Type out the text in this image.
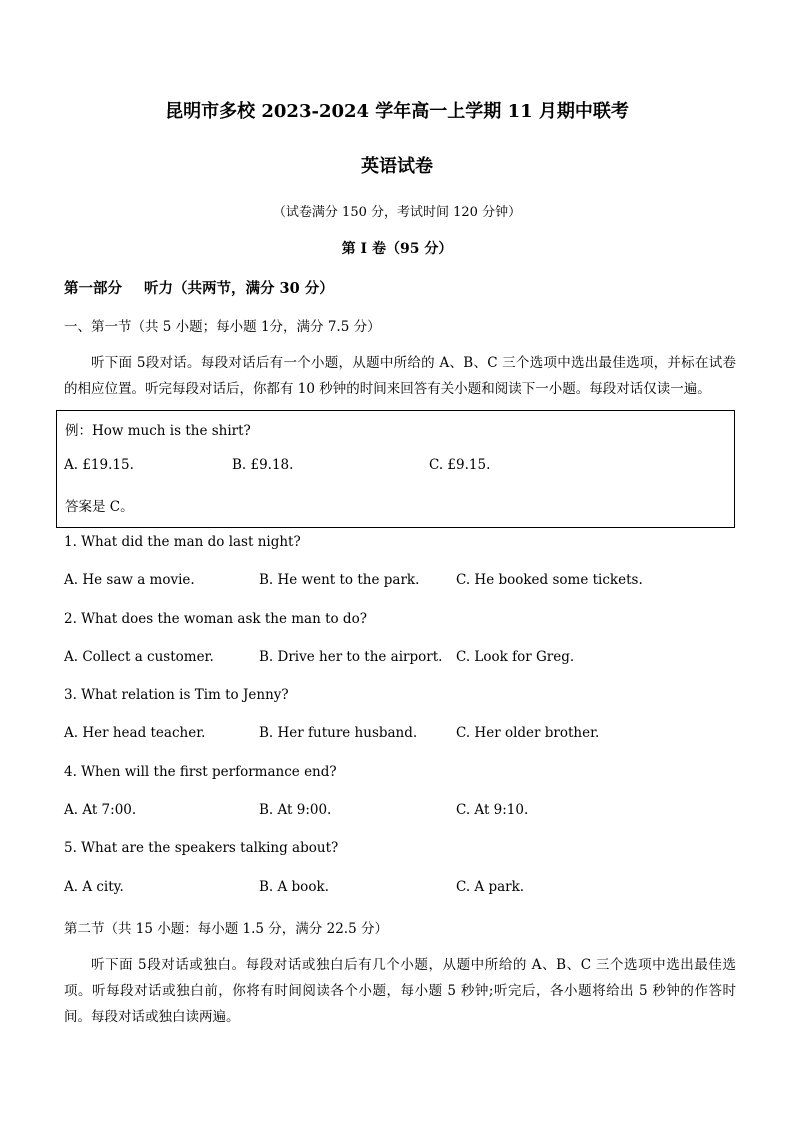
昆明市多校 2023-2024 学年高一上学期 11 月期中联考
英语试卷
（试卷满分 150 分，考试时间 120 分钟）
第 I 卷（95 分）
第一部分 听力（共两节，满分 30 分）
一、第一节（共 5 小题；每小题 1分，满分 7.5 分）
听下面 5段对话。每段对话后有一个小题，从题中所给的 A、B、C 三个选项中选出最佳选项，并标在试卷的相应位置。听完每段对话后，你都有 10 秒钟的时间来回答有关小题和阅读下一小题。每段对话仅读一遍。
例：How much is the shirt?
A. £19.15.	B. £9.18.	C. £9.15.
答案是 C。
1. What did the man do last night?
A. He saw a movie.	B. He went to the park.	C. He booked some tickets.
2. What does the woman ask the man to do?
A. Collect a customer.	B. Drive her to the airport. C. Look for Greg.
3. What relation is Tim to Jenny?
A. Her head teacher.	B. Her future husband.	C. Her older brother.
4. When will the first performance end?
A. At 7:00.	B. At 9:00.	C. At 9:10.
5. What are the speakers talking about?
A. A city.	B. A book.	C. A park.
第二节（共 15 小题：每小题 1.5 分，满分 22.5 分）
听下面 5段对话或独白。每段对话或独白后有几个小题，从题中所给的 A、B、C 三个选项中选出最佳选项。听每段对话或独白前，你将有时间阅读各个小题，每小题 5 秒钟;听完后，各小题将给出 5 秒钟的作答时间。每段对话或独白读两遍。
